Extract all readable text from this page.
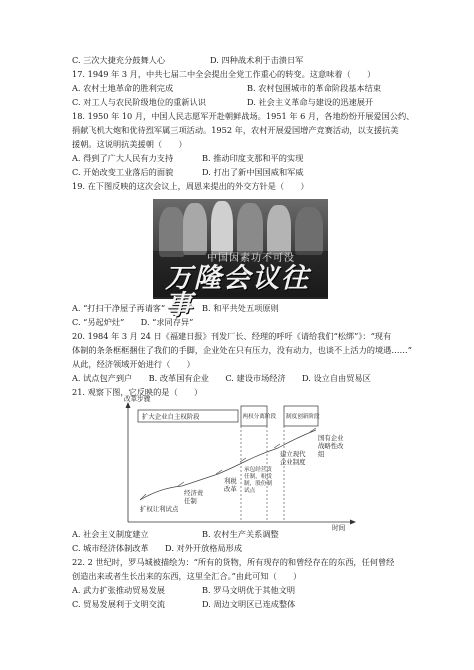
C. 三次大捷充分鼓舞人心
17. 1949 年 3 月，中共七届二中全会提出全党工作重心的转变。这意味着（　　）
C. 对工人与农民阶级地位的重新认识
18. 1950 年 10 月，中国人民志愿军开赴朝鲜战场。1951 年 6 月，各地纷纷开展爱国公约、
捐献飞机大炮和优待烈军属三项活动。1952 年，农村开展爱国增产竞赛活动，以支援抗美
援朝。这说明抗美援朝（　　）
A. 得到了广大人民有力支持
C. 开始改变工业落后的面貌
19. 在下图反映的这次会议上，周恩来提出的外交方针是（　　）
A. “打扫干净屋子再请客”
C. “另起炉灶”　　D. “求同存异”
20. 1984 年 3 月 24 日《福建日报》刊发厂长、经理的呼吁《请给我们“松绑”》：“现有
体制的条条框框捆住了我们的手脚，企业处在只有压力，没有动力，也谈不上活力的境遇……”
从此，经济领域开始进行（　　）
A. 试点包产到户　　B. 改革国有企业　　C. 建设市场经济　　D. 设立自由贸易区
21. 观察下图，它反映的是（　　）
A. 社会主义制度建立
C. 城市经济体制改革　　D. 对外开放格局形成
22. 2 世纪时，罗马城被描绘为：“所有的货物，所有现存的和曾经存在的东西，任何曾经
创造出来或者生长出来的东西，这里全汇合。”由此可知（　　）
A. 武力扩张推动贸易发展
C. 贸易发展利于文明交流
D. 四种战术利于击溃日军
A. 农村土地革命的胜利完成	B. 农村包围城市的革命阶段基本结束
D. 社会主义革命与建设的迅速展开
B. 推动印度支那和平的实现
D. 打出了新中国国威和军威
B. 和平共处五项原则
B. 农村生产关系调整
B. 罗马文明优于其他文明
D. 周边文明区已连成整体
中国因素功不可没
万隆会议往事
改革步骤
时间
扩大企业自主权阶段	两权分离阶段 制度创新阶段
扩权让利试点
经济责
任制
利税
改革
承包经营责
任制，租赁
制，股份制
试点
建立现代
企业制度
国有企业
战略性改
组
